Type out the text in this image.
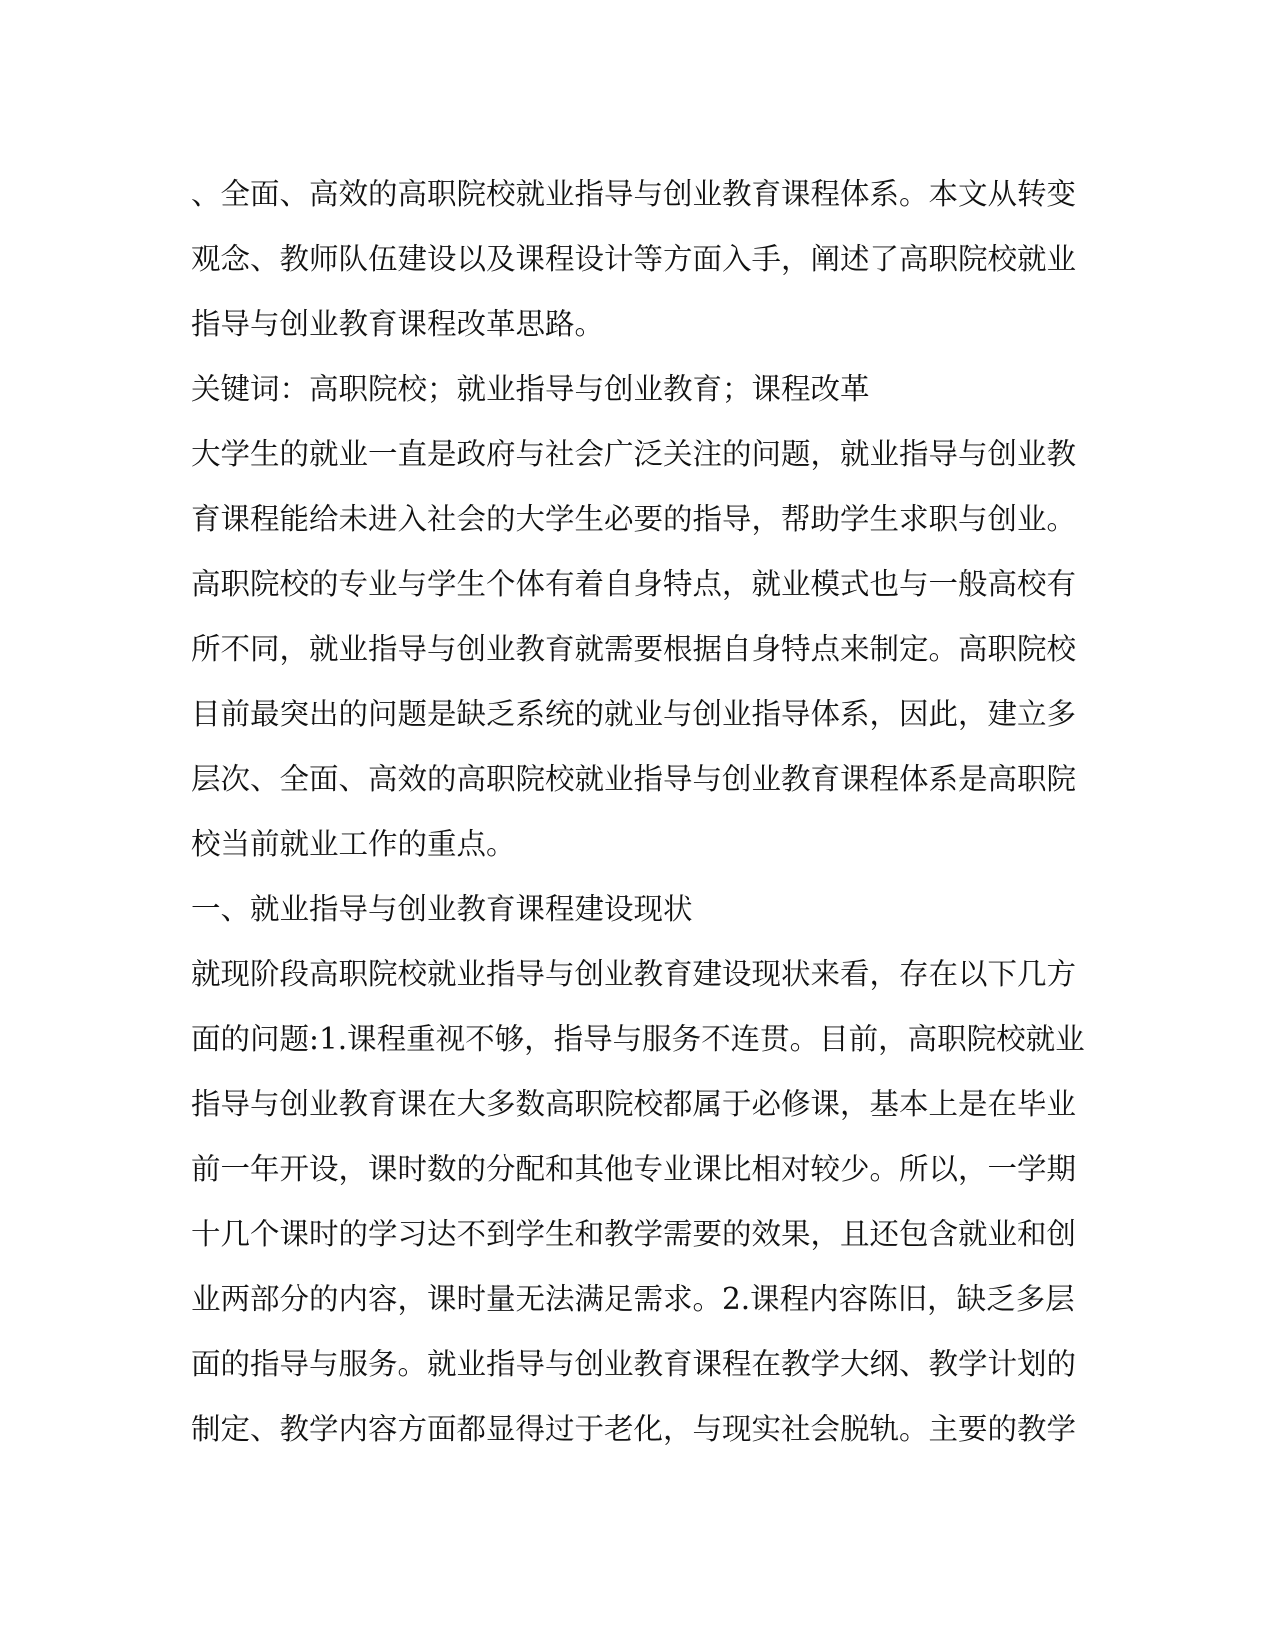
、全面、高效的高职院校就业指导与创业教育课程体系。本文从转变
观念、教师队伍建设以及课程设计等方面入手，阐述了高职院校就业
指导与创业教育课程改革思路。
关键词：高职院校；就业指导与创业教育；课程改革
大学生的就业一直是政府与社会广泛关注的问题，就业指导与创业教
育课程能给未进入社会的大学生必要的指导，帮助学生求职与创业。
高职院校的专业与学生个体有着自身特点，就业模式也与一般高校有
所不同，就业指导与创业教育就需要根据自身特点来制定。高职院校
目前最突出的问题是缺乏系统的就业与创业指导体系，因此，建立多
层次、全面、高效的高职院校就业指导与创业教育课程体系是高职院
校当前就业工作的重点。
一、就业指导与创业教育课程建设现状
就现阶段高职院校就业指导与创业教育建设现状来看，存在以下几方
面的问题:1.课程重视不够，指导与服务不连贯。目前，高职院校就业
指导与创业教育课在大多数高职院校都属于必修课，基本上是在毕业
前一年开设，课时数的分配和其他专业课比相对较少。所以，一学期
十几个课时的学习达不到学生和教学需要的效果，且还包含就业和创
业两部分的内容，课时量无法满足需求。2.课程内容陈旧，缺乏多层
面的指导与服务。就业指导与创业教育课程在教学大纲、教学计划的
制定、教学内容方面都显得过于老化，与现实社会脱轨。主要的教学
